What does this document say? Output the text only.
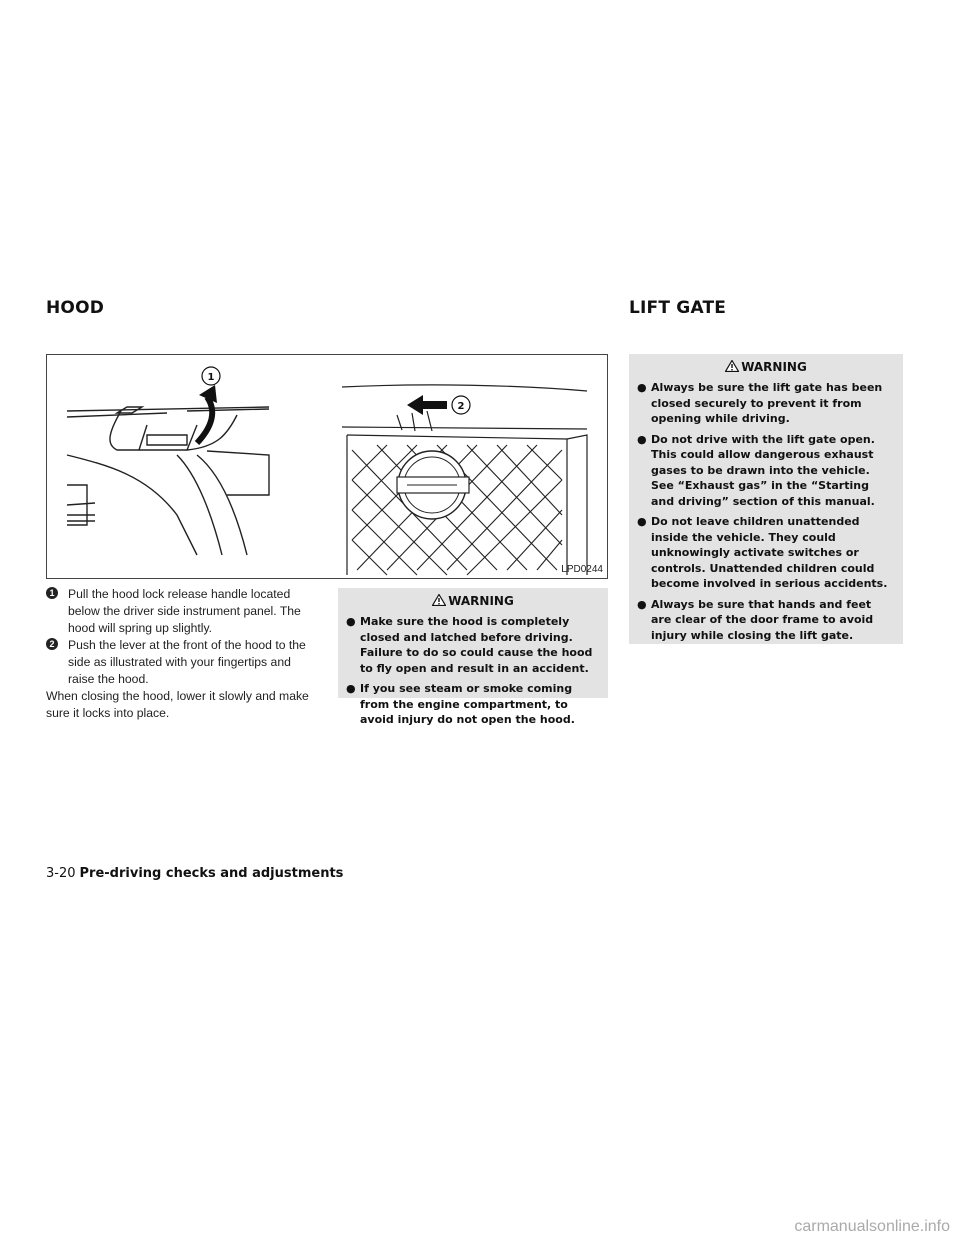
HOOD	LIFT GATE
1
2
LPD0244
1	Pull the hood lock release handle located below the driver side instrument panel. The hood will spring up slightly.
2	Push the lever at the front of the hood to the side as illustrated with your fingertips and raise the hood.
When closing the hood, lower it slowly and make sure it locks into place.
WARNING
● Make sure the hood is completely closed and latched before driving. Failure to do so could cause the hood to fly open and result in an accident.
● If you see steam or smoke coming from the engine compartment, to avoid injury do not open the hood.
WARNING
● Always be sure the lift gate has been closed securely to prevent it from opening while driving.
● Do not drive with the lift gate open. This could allow dangerous exhaust gases to be drawn into the vehicle. See “Exhaust gas” in the “Starting and driving” section of this manual.
● Do not leave children unattended inside the vehicle. They could unknowingly activate switches or controls. Unattended children could become involved in serious accidents.
● Always be sure that hands and feet are clear of the door frame to avoid injury while closing the lift gate.
3-20 Pre-driving checks and adjustments
carmanualsonline.info
